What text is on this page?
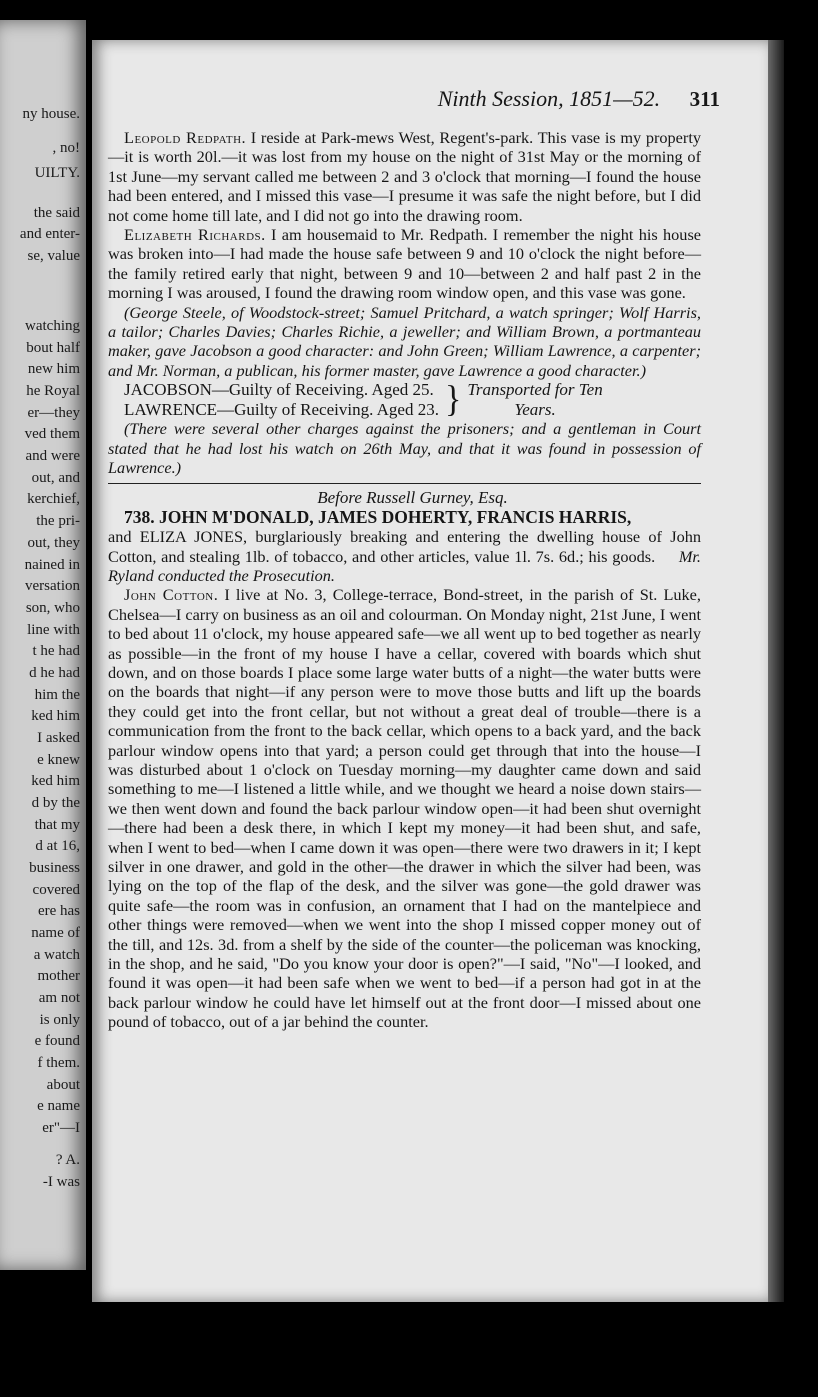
ny house.
, no!
UILTY.
the said
and enter-
se, value
watching
bout half
new him
he Royal
er—they
ved them
and were
out, and
kerchief,
the pri-
out, they
nained in
versation
son, who
line with
t he had
d he had
him the
ked him
I asked
e knew
ked him
d by the
that my
d at 16,
business
covered
ere has
name of
a watch
mother
am not
is only
e found
f them.
about
e name
er"—I
? A.
-I was
Ninth Session, 1851—52. 311

Leopold Redpath. I reside at Park-mews West, Regent's-park. This vase is my property—it is worth 20l.—it was lost from my house on the night of 31st May or the morning of 1st June—my servant called me between 2 and 3 o'clock that morning—I found the house had been entered, and I missed this vase—I presume it was safe the night before, but I did not come home till late, and I did not go into the drawing room.

Elizabeth Richards. I am housemaid to Mr. Redpath. I remember the night his house was broken into—I had made the house safe between 9 and 10 o'clock the night before—the family retired early that night, between 9 and 10—between 2 and half past 2 in the morning I was aroused, I found the drawing room window open, and this vase was gone.

(George Steele, of Woodstock-street; Samuel Pritchard, a watch springer; Wolf Harris, a tailor; Charles Davies; Charles Richie, a jeweller; and William Brown, a portmanteau maker, gave Jacobson a good character: and John Green; William Lawrence, a carpenter; and Mr. Norman, a publican, his former master, gave Lawrence a good character.)

JACOBSON—Guilty of Receiving. Aged 25.
LAWRENCE—Guilty of Receiving. Aged 23. } Transported for Ten
Years.

(There were several other charges against the prisoners; and a gentleman in Court stated that he had lost his watch on 26th May, and that it was found in possession of Lawrence.)

Before Russell Gurney, Esq.

738. JOHN M'DONALD, JAMES DOHERTY, FRANCIS HARRIS,

and ELIZA JONES, burglariously breaking and entering the dwelling house of John Cotton, and stealing 1lb. of tobacco, and other articles, value 1l. 7s. 6d.; his goods. Mr. Ryland conducted the Prosecution.

John Cotton. I live at No. 3, College-terrace, Bond-street, in the parish of St. Luke, Chelsea—I carry on business as an oil and colourman. On Monday night, 21st June, I went to bed about 11 o'clock, my house appeared safe—we all went up to bed together as nearly as possible—in the front of my house I have a cellar, covered with boards which shut down, and on those boards I place some large water butts of a night—the water butts were on the boards that night—if any person were to move those butts and lift up the boards they could get into the front cellar, but not without a great deal of trouble—there is a communication from the front to the back cellar, which opens to a back yard, and the back parlour window opens into that yard; a person could get through that into the house—I was disturbed about 1 o'clock on Tuesday morning—my daughter came down and said something to me—I listened a little while, and we thought we heard a noise down stairs—we then went down and found the back parlour window open—it had been shut overnight—there had been a desk there, in which I kept my money—it had been shut, and safe, when I went to bed—when I came down it was open—there were two drawers in it; I kept silver in one drawer, and gold in the other—the drawer in which the silver had been, was lying on the top of the flap of the desk, and the silver was gone—the gold drawer was quite safe—the room was in confusion, an ornament that I had on the mantelpiece and other things were removed—when we went into the shop I missed copper money out of the till, and 12s. 3d. from a shelf by the side of the counter—the policeman was knocking, in the shop, and he said, "Do you know your door is open?"—I said, "No"—I looked, and found it was open—it had been safe when we went to bed—if a person had got in at the back parlour window he could have let himself out at the front door—I missed about one pound of tobacco, out of a jar behind the counter.
